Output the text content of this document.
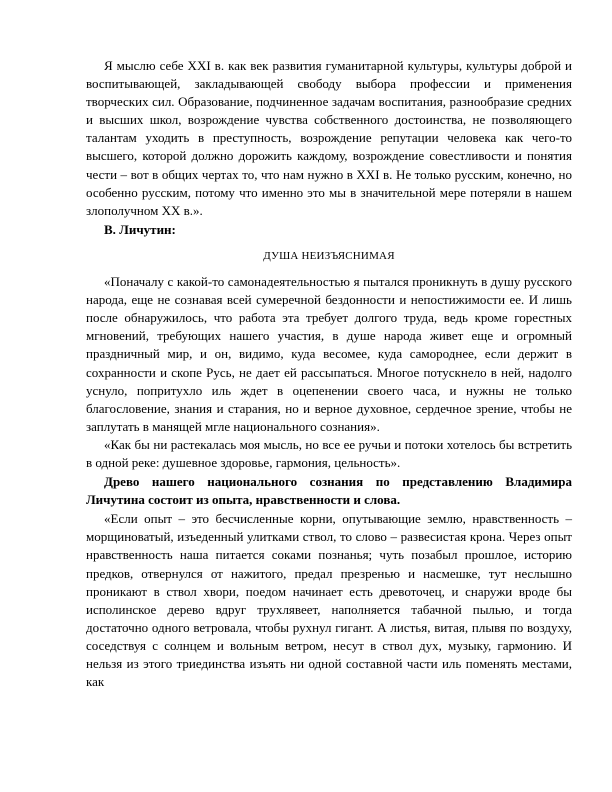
Я мыслю себе XXI в. как век развития гуманитарной культуры, культуры доброй и воспитывающей, закладывающей свободу выбора профессии и применения творческих сил. Образование, подчиненное задачам воспитания, разнообразие средних и высших школ, возрождение чувства собственного достоинства, не позволяющего талантам уходить в преступность, возрождение репутации человека как чего-то высшего, которой должно дорожить каждому, возрождение совестливости и понятия чести – вот в общих чертах то, что нам нужно в XXI в. Не только русским, конечно, но особенно русским, потому что именно это мы в значительной мере потеряли в нашем злополучном XX в.».

В. Личутин:

ДУША НЕИЗЪЯСНИМАЯ

«Поначалу с какой-то самонадеятельностью я пытался проникнуть в душу русского народа, еще не сознавая всей сумеречной бездонности и непостижимости ее. И лишь после обнаружилось, что работа эта требует долгого труда, ведь кроме горестных мгновений, требующих нашего участия, в душе народа живет еще и огромный праздничный мир, и он, видимо, куда весомее, куда самороднее, если держит в сохранности и скопе Русь, не дает ей рассыпаться. Многое потускнело в ней, надолго уснуло, попритухло иль ждет в оцепенении своего часа, и нужны не только благословение, знания и старания, но и верное духовное, сердечное зрение, чтобы не заплутать в манящей мгле национального сознания».

«Как бы ни растекалась моя мысль, но все ее ручьи и потоки хотелось бы встретить в одной реке: душевное здоровье, гармония, цельность».

Древо нашего национального сознания по представлению Владимира Личутина состоит из опыта, нравственности и слова.

«Если опыт – это бесчисленные корни, опутывающие землю, нравственность – морщиноватый, изъеденный улитками ствол, то слово – развесистая крона. Через опыт нравственность наша питается соками познанья; чуть позабыл прошлое, историю предков, отвернулся от нажитого, предал презренью и насмешке, тут неслышно проникают в ствол хвори, поедом начинает есть древоточец, и снаружи вроде бы исполинское дерево вдруг трухлявеет, наполняется табачной пылью, и тогда достаточно одного ветровала, чтобы рухнул гигант. А листья, витая, плывя по воздуху, соседствуя с солнцем и вольным ветром, несут в ствол дух, музыку, гармонию. И нельзя из этого триединства изъять ни одной составной части иль поменять местами, как
